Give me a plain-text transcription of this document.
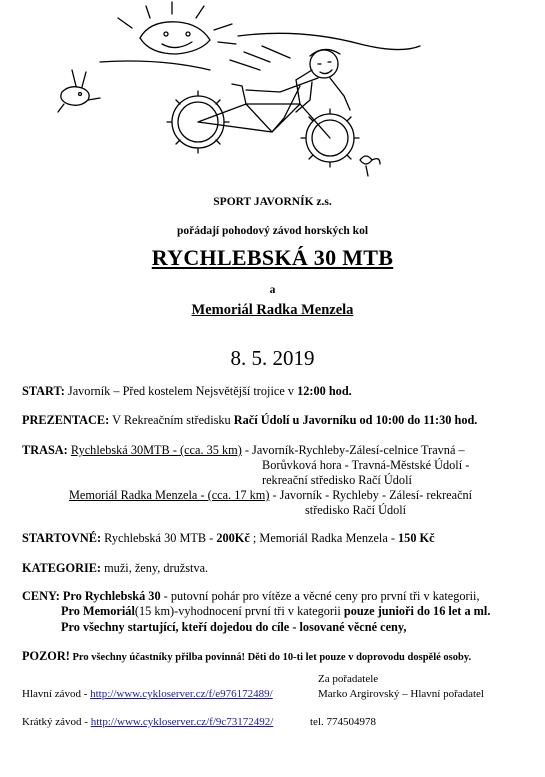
SPORT JAVORNÍK z.s.
pořádají pohodový závod horských kol
RYCHLEBSKÁ 30 MTB
a
Memoriál Radka Menzela
8. 5. 2019
START: Javorník – Před kostelem Nejsvětější trojice v 12:00 hod.
PREZENTACE: V Rekreačním středisku Račí Údolí u Javorníku od 10:00 do 11:30 hod.
TRASA: Rychlebská 30MTB - (cca. 35 km) - Javorník-Rychleby-Zálesí-celnice Travná –
Borůvková hora - Travná-Městské Údolí -
rekreační středisko Račí Údolí
Memoriál Radka Menzela - (cca. 17 km) - Javorník - Rychleby - Zálesí- rekreační
středisko Račí Údolí
STARTOVNÉ: Rychlebská 30 MTB - 200Kč ; Memoriál Radka Menzela - 150 Kč
KATEGORIE: muži, ženy, družstva.
CENY: Pro Rychlebská 30 - putovní pohár pro vítěze a věcné ceny pro první tři v kategorii,
Pro Memoriál(15 km)-vyhodnocení první tři v kategorii pouze junioři do 16 let a ml.
Pro všechny startující, kteří dojedou do cíle - losované věcné ceny,
POZOR! Pro všechny účastníky přilba povinná! Děti do 10-ti let pouze v doprovodu dospělé osoby.
Za pořadatele
Hlavní závod - http://www.cykloserver.cz/f/e976172489/	Marko Argirovský – Hlavní pořadatel
Krátký závod - http://www.cykloserver.cz/f/9c73172492/	tel. 774504978
